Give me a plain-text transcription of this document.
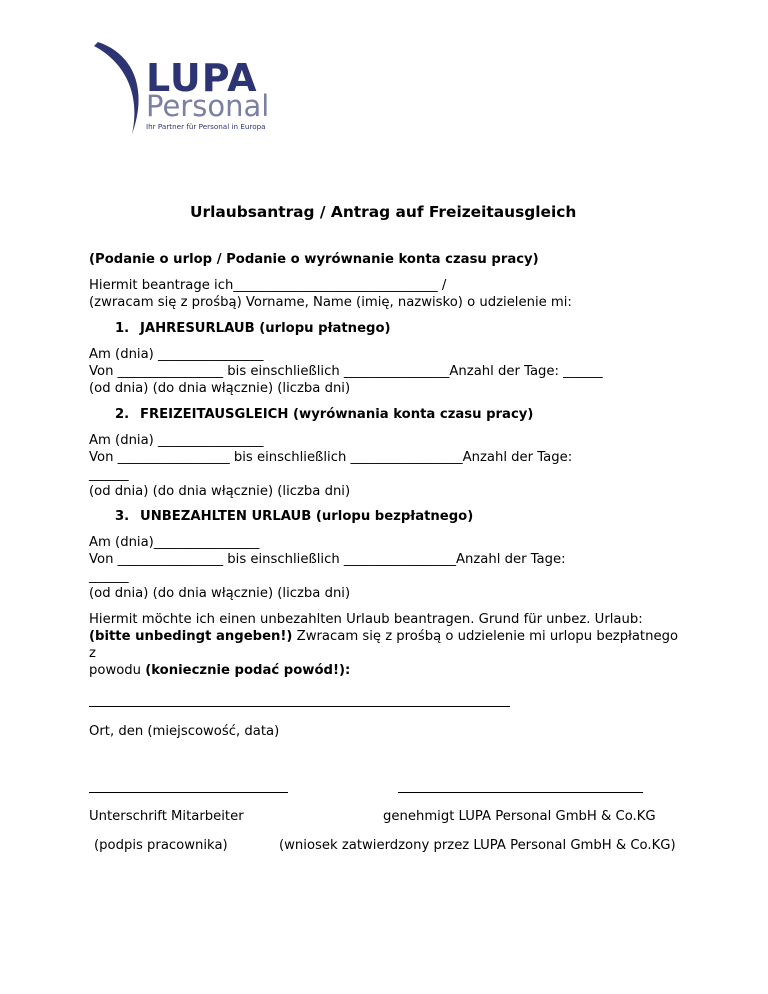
LUPA
Personal
Ihr Partner für Personal in Europa
Urlaubsantrag / Antrag auf Freizeitausgleich
(Podanie o urlop / Podanie o wyrównanie konta czasu pracy)
Hiermit beantrage ich_______________________________ /
(zwracam się z prośbą) Vorname, Name (imię, nazwisko) o udzielenie mi:
1. JAHRESURLAUB (urlopu płatnego)
Am (dnia) ________________
Von ________________ bis einschließlich ________________Anzahl der Tage: ______
(od dnia) (do dnia włącznie) (liczba dni)
2. FREIZEITAUSGLEICH (wyrównania konta czasu pracy)
Am (dnia) ________________
Von _________________ bis einschließlich _________________Anzahl der Tage:
______
(od dnia) (do dnia włącznie) (liczba dni)
3. UNBEZAHLTEN URLAUB (urlopu bezpłatnego)
Am (dnia)________________
Von ________________ bis einschließlich _________________Anzahl der Tage:
______
(od dnia) (do dnia włącznie) (liczba dni)
Hiermit möchte ich einen unbezahlten Urlaub beantragen. Grund für unbez. Urlaub:
(bitte unbedingt angeben!) Zwracam się z prośbą o udzielenie mi urlopu bezpłatnego
z
powodu (koniecznie podać powód!):
Ort, den (miejscowość, data)
Unterschrift Mitarbeiter	genehmigt LUPA Personal GmbH & Co.KG
(podpis pracownika)	(wniosek zatwierdzony przez LUPA Personal GmbH & Co.KG)
